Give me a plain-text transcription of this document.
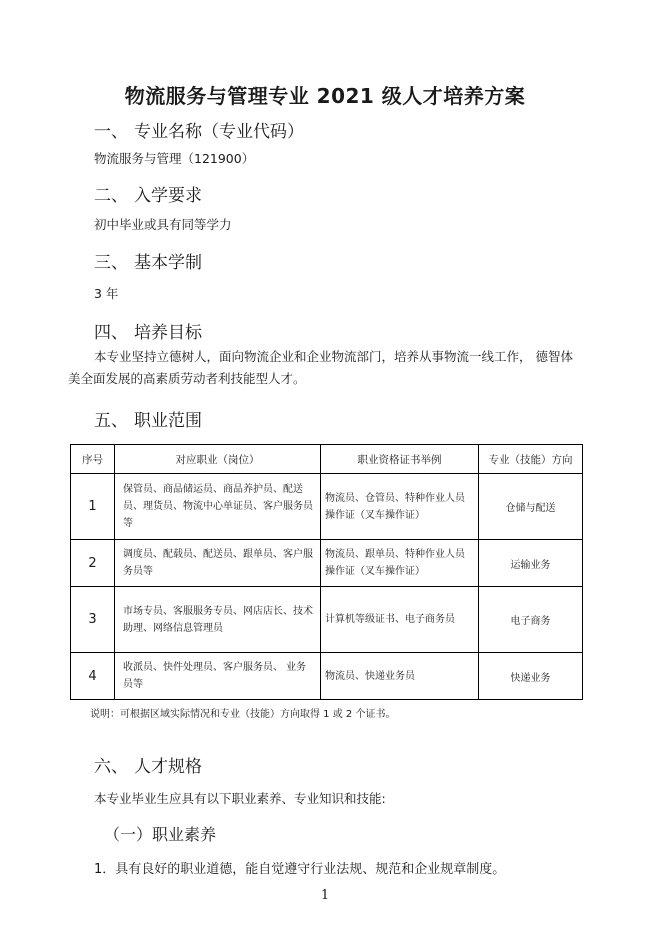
物流服务与管理专业 2021 级人才培养方案
一、 专业名称（专业代码）
物流服务与管理（121900）
二、 入学要求
初中毕业或具有同等学力
三、 基本学制
3 年
四、 培养目标
本专业坚持立德树人，面向物流企业和企业物流部门，培养从事物流一线工作， 德智体美全面发展的高素质劳动者利技能型人才。
五、 职业范围
序号	对应职业（岗位）	职业资格证书举例	专业（技能）方向
1	保管员、商品储运员、商品养护员、配送员、理货员、物流中心单证员、客户服务员等	物流员、仓管员、特种作业人员操作证（叉车操作证）	仓储与配送
2	调度员、配载员、配送员、跟单员、客户服务员等	物流员、跟单员、特种作业人员操作证（叉车操作证）	运输业务
3	市场专员、客服服务专员、网店店长、技术助理、网络信息管理员	计算机等级证书、电子商务员	电子商务
4	收派员、快件处理员、客户服务员、 业务员等	物流员、快递业务员	快递业务
说明：可根据区域实际情况和专业（技能）方向取得 1 或 2 个证书。
六、 人才规格
本专业毕业生应具有以下职业素养、专业知识和技能:
（一）职业素养
1．具有良好的职业道德，能自觉遵守行业法规、规范和企业规章制度。
1
